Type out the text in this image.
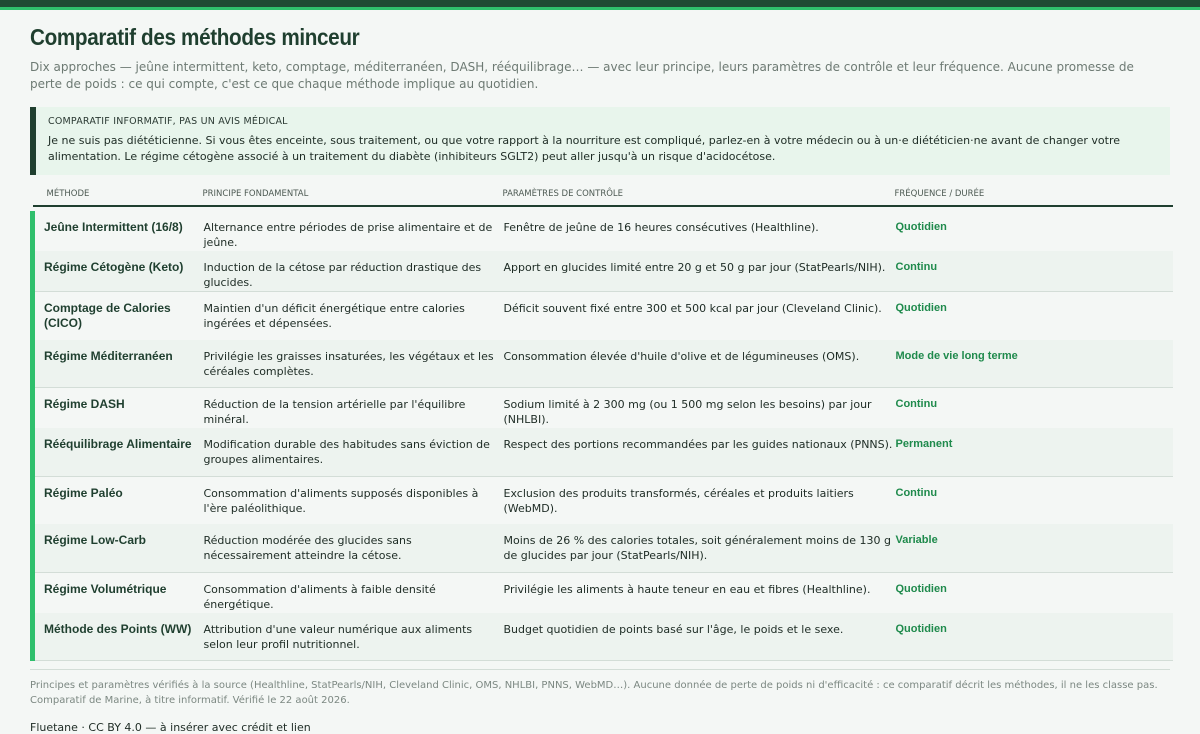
Comparatif des méthodes minceur
Dix approches — jeûne intermittent, keto, comptage, méditerranéen, DASH, rééquilibrage… — avec leur principe, leurs paramètres de contrôle et leur fréquence. Aucune promesse de perte de poids : ce qui compte, c'est ce que chaque méthode implique au quotidien.
COMPARATIF INFORMATIF, PAS UN AVIS MÉDICAL
Je ne suis pas diététicienne. Si vous êtes enceinte, sous traitement, ou que votre rapport à la nourriture est compliqué, parlez-en à votre médecin ou à un·e diététicien·ne avant de changer votre alimentation. Le régime cétogène associé à un traitement du diabète (inhibiteurs SGLT2) peut aller jusqu'à un risque d'acidocétose.
MÉTHODE	PRINCIPE FONDAMENTAL	PARAMÈTRES DE CONTRÔLE	FRÉQUENCE / DURÉE

Jeûne Intermittent (16/8)	Alternance entre périodes de prise alimentaire et de jeûne.	Fenêtre de jeûne de 16 heures consécutives (Healthline).	Quotidien
Régime Cétogène (Keto)	Induction de la cétose par réduction drastique des glucides.	Apport en glucides limité entre 20 g et 50 g par jour (StatPearls/NIH).	Continu
Comptage de Calories (CICO)	Maintien d'un déficit énergétique entre calories ingérées et dépensées.	Déficit souvent fixé entre 300 et 500 kcal par jour (Cleveland Clinic).	Quotidien
Régime Méditerranéen	Privilégie les graisses insaturées, les végétaux et les céréales complètes.	Consommation élevée d'huile d'olive et de légumineuses (OMS).	Mode de vie long terme
Régime DASH	Réduction de la tension artérielle par l'équilibre minéral.	Sodium limité à 2 300 mg (ou 1 500 mg selon les besoins) par jour (NHLBI).	Continu
Rééquilibrage Alimentaire	Modification durable des habitudes sans éviction de groupes alimentaires.	Respect des portions recommandées par les guides nationaux (PNNS).	Permanent
Régime Paléo	Consommation d'aliments supposés disponibles à l'ère paléolithique.	Exclusion des produits transformés, céréales et produits laitiers (WebMD).	Continu
Régime Low-Carb	Réduction modérée des glucides sans nécessairement atteindre la cétose.	Moins de 26 % des calories totales, soit généralement moins de 130 g de glucides par jour (StatPearls/NIH).	Variable
Régime Volumétrique	Consommation d'aliments à faible densité énergétique.	Privilégie les aliments à haute teneur en eau et fibres (Healthline).	Quotidien
Méthode des Points (WW)	Attribution d'une valeur numérique aux aliments selon leur profil nutritionnel.	Budget quotidien de points basé sur l'âge, le poids et le sexe.	Quotidien
Principes et paramètres vérifiés à la source (Healthline, StatPearls/NIH, Cleveland Clinic, OMS, NHLBI, PNNS, WebMD…). Aucune donnée de perte de poids ni d'efficacité : ce comparatif décrit les méthodes, il ne les classe pas. Comparatif de Marine, à titre informatif. Vérifié le 22 août 2026.
Fluetane · CC BY 4.0 — à insérer avec crédit et lien
